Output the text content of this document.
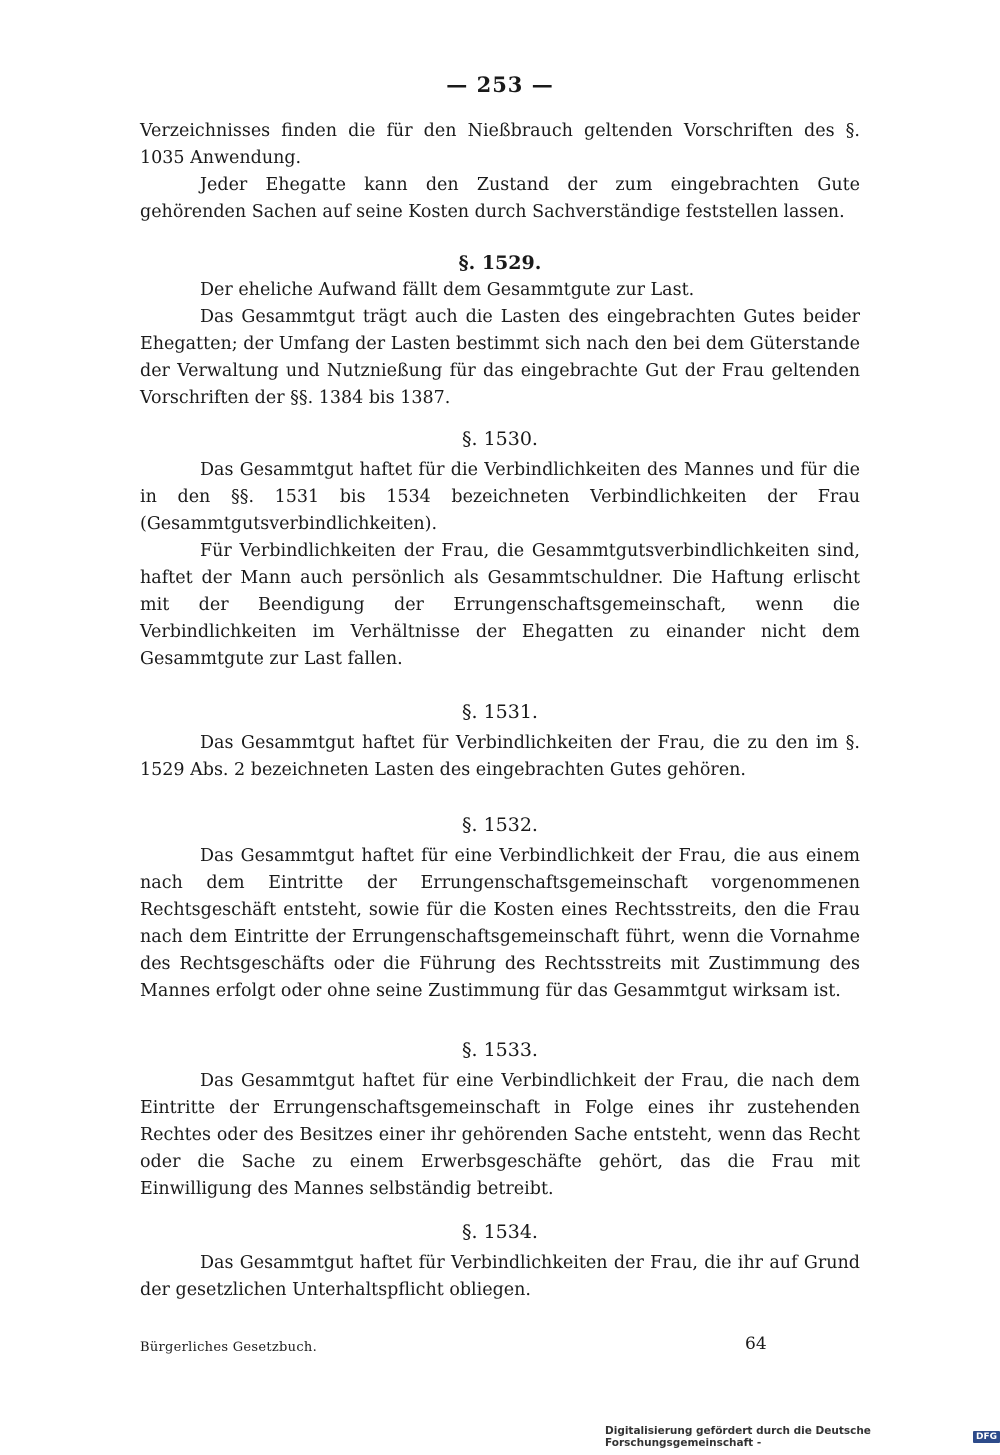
— 253 —

Verzeichnisses finden die für den Nießbrauch geltenden Vorschriften des §. 1035 Anwendung.

Jeder Ehegatte kann den Zustand der zum eingebrachten Gute gehörenden Sachen auf seine Kosten durch Sachverständige feststellen lassen.

§. 1529.

Der eheliche Aufwand fällt dem Gesammtgute zur Last.

Das Gesammtgut trägt auch die Lasten des eingebrachten Gutes beider Ehegatten; der Umfang der Lasten bestimmt sich nach den bei dem Güterstande der Verwaltung und Nutznießung für das eingebrachte Gut der Frau geltenden Vorschriften der §§. 1384 bis 1387.

§. 1530.

Das Gesammtgut haftet für die Verbindlichkeiten des Mannes und für die in den §§. 1531 bis 1534 bezeichneten Verbindlichkeiten der Frau (Gesammtgutsverbindlichkeiten).

Für Verbindlichkeiten der Frau, die Gesammtgutsverbindlichkeiten sind, haftet der Mann auch persönlich als Gesammtschuldner. Die Haftung erlischt mit der Beendigung der Errungenschaftsgemeinschaft, wenn die Verbindlichkeiten im Verhältnisse der Ehegatten zu einander nicht dem Gesammtgute zur Last fallen.

§. 1531.

Das Gesammtgut haftet für Verbindlichkeiten der Frau, die zu den im §. 1529 Abs. 2 bezeichneten Lasten des eingebrachten Gutes gehören.

§. 1532.

Das Gesammtgut haftet für eine Verbindlichkeit der Frau, die aus einem nach dem Eintritte der Errungenschaftsgemeinschaft vorgenommenen Rechtsgeschäft entsteht, sowie für die Kosten eines Rechtsstreits, den die Frau nach dem Eintritte der Errungenschaftsgemeinschaft führt, wenn die Vornahme des Rechtsgeschäfts oder die Führung des Rechtsstreits mit Zustimmung des Mannes erfolgt oder ohne seine Zustimmung für das Gesammtgut wirksam ist.

§. 1533.

Das Gesammtgut haftet für eine Verbindlichkeit der Frau, die nach dem Eintritte der Errungenschaftsgemeinschaft in Folge eines ihr zustehenden Rechtes oder des Besitzes einer ihr gehörenden Sache entsteht, wenn das Recht oder die Sache zu einem Erwerbsgeschäfte gehört, das die Frau mit Einwilligung des Mannes selbständig betreibt.

§. 1534.

Das Gesammtgut haftet für Verbindlichkeiten der Frau, die ihr auf Grund der gesetzlichen Unterhaltspflicht obliegen.

Bürgerliches Gesetzbuch.	64
Digitalisierung gefördert durch die Deutsche Forschungsgemeinschaft -	DFG
